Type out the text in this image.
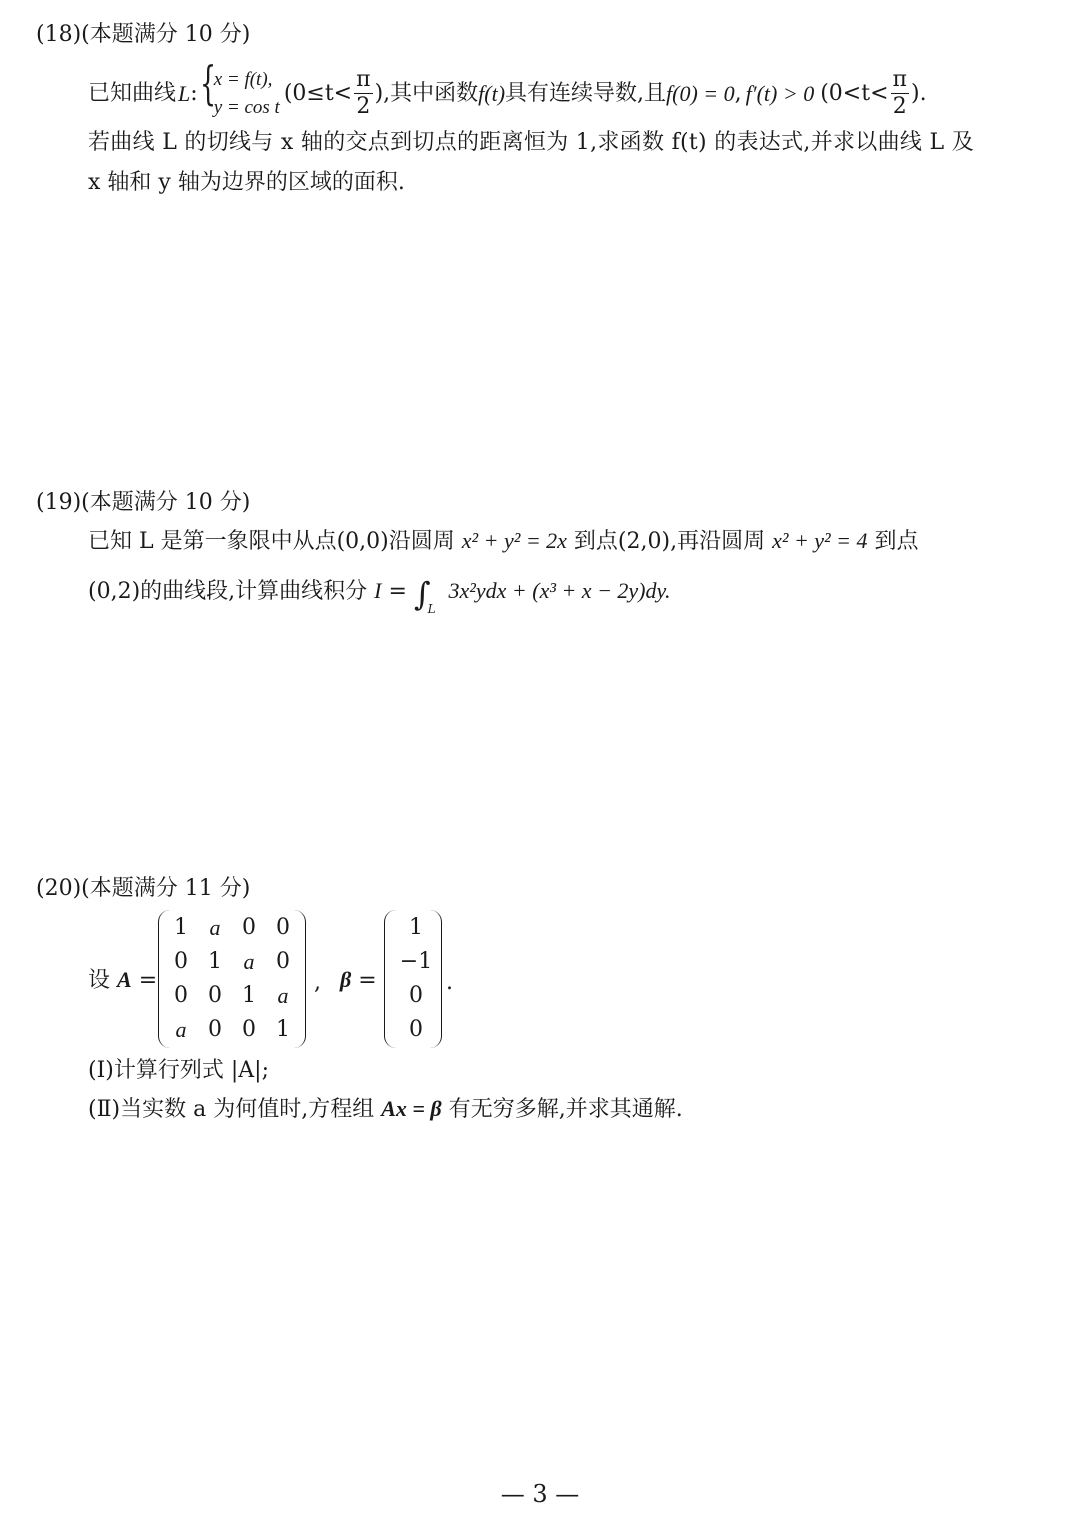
(18)(本题满分 10 分)
已知曲线 L : {
x = f(t),
y = cos t
($0\le t< \frac{\pi}{2}$ ),其中函数 f(t) 具有连续导数,且 f(0) = 0 , f′(t) > 0 ($0<t< \frac{\pi}{2}$ ).
若曲线 L 的切线与 x 轴的交点到切点的距离恒为 1,求函数 f(t) 的表达式,并求以曲线 L 及
x 轴和 y 轴为边界的区域的面积.
(19)(本题满分 10 分)
已知 L 是第一象限中从点(0,0)沿圆周 x² + y² = 2x 到点(2,0),再沿圆周 x² + y² = 4 到点
(0,2)的曲线段,计算曲线积分 $I = \int_L$ 3x²ydx + (x³ + x − 2y)dy.
(20)(本题满分 11 分)
设 A =
1 a 0 0
0 1 a 0
0 0 1 a
a 0 0 1
, β =
1
−1
0
0
.
(Ⅰ)计算行列式 |A|;
(Ⅱ)当实数 a 为何值时,方程组 Ax = β 有无穷多解,并求其通解.
— 3 —
